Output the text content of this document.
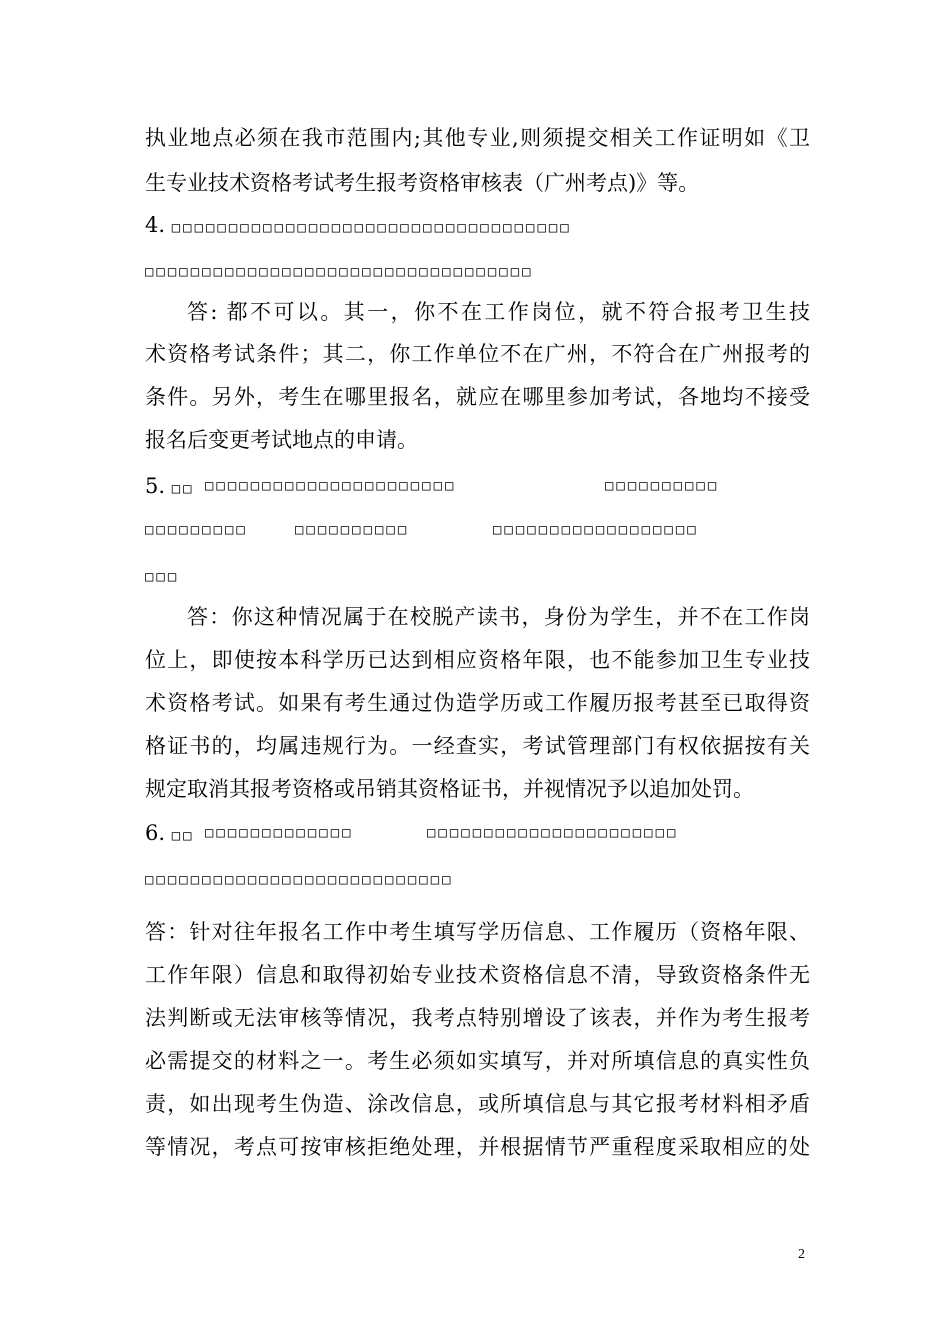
执业地点必须在我市范围内;其他专业,则须提交相关工作证明如《卫
生专业技术资格考试考生报考资格审核表（广州考点)》等。
4. □□□□□□□□□□□□□□□□□□□□□□□□□□□□□□□□□□□
□□□□□□□□□□□□□□□□□□□□□□□□□□□□□□□□□□
答: 都不可以。其一，你不在工作岗位，就不符合报考卫生技
术资格考试条件；其二，你工作单位不在广州，不符合在广州报考的
条件。另外，考生在哪里报名，就应在哪里参加考试，各地均不接受
报名后变更考试地点的申请。
5. □□ □□□□□□□□□□□□□□□□□□□□□□	□□□□□□□□□□
□□□□□□□□□	□□□□□□□□□□	□□□□□□□□□□□□□□□□□□
□□□
答：你这种情况属于在校脱产读书，身份为学生，并不在工作岗
位上，即使按本科学历已达到相应资格年限，也不能参加卫生专业技
术资格考试。如果有考生通过伪造学历或工作履历报考甚至已取得资
格证书的，均属违规行为。一经查实，考试管理部门有权依据按有关
规定取消其报考资格或吊销其资格证书，并视情况予以追加处罚。
6. □□ □□□□□□□□□□□□□	□□□□□□□□□□□□□□□□□□□□□□
□□□□□□□□□□□□□□□□□□□□□□□□□□□
答：针对往年报名工作中考生填写学历信息、工作履历（资格年限、
工作年限）信息和取得初始专业技术资格信息不清，导致资格条件无
法判断或无法审核等情况，我考点特别增设了该表，并作为考生报考
必需提交的材料之一。考生必须如实填写，并对所填信息的真实性负
责，如出现考生伪造、涂改信息，或所填信息与其它报考材料相矛盾
等情况，考点可按审核拒绝处理，并根据情节严重程度采取相应的处
2
